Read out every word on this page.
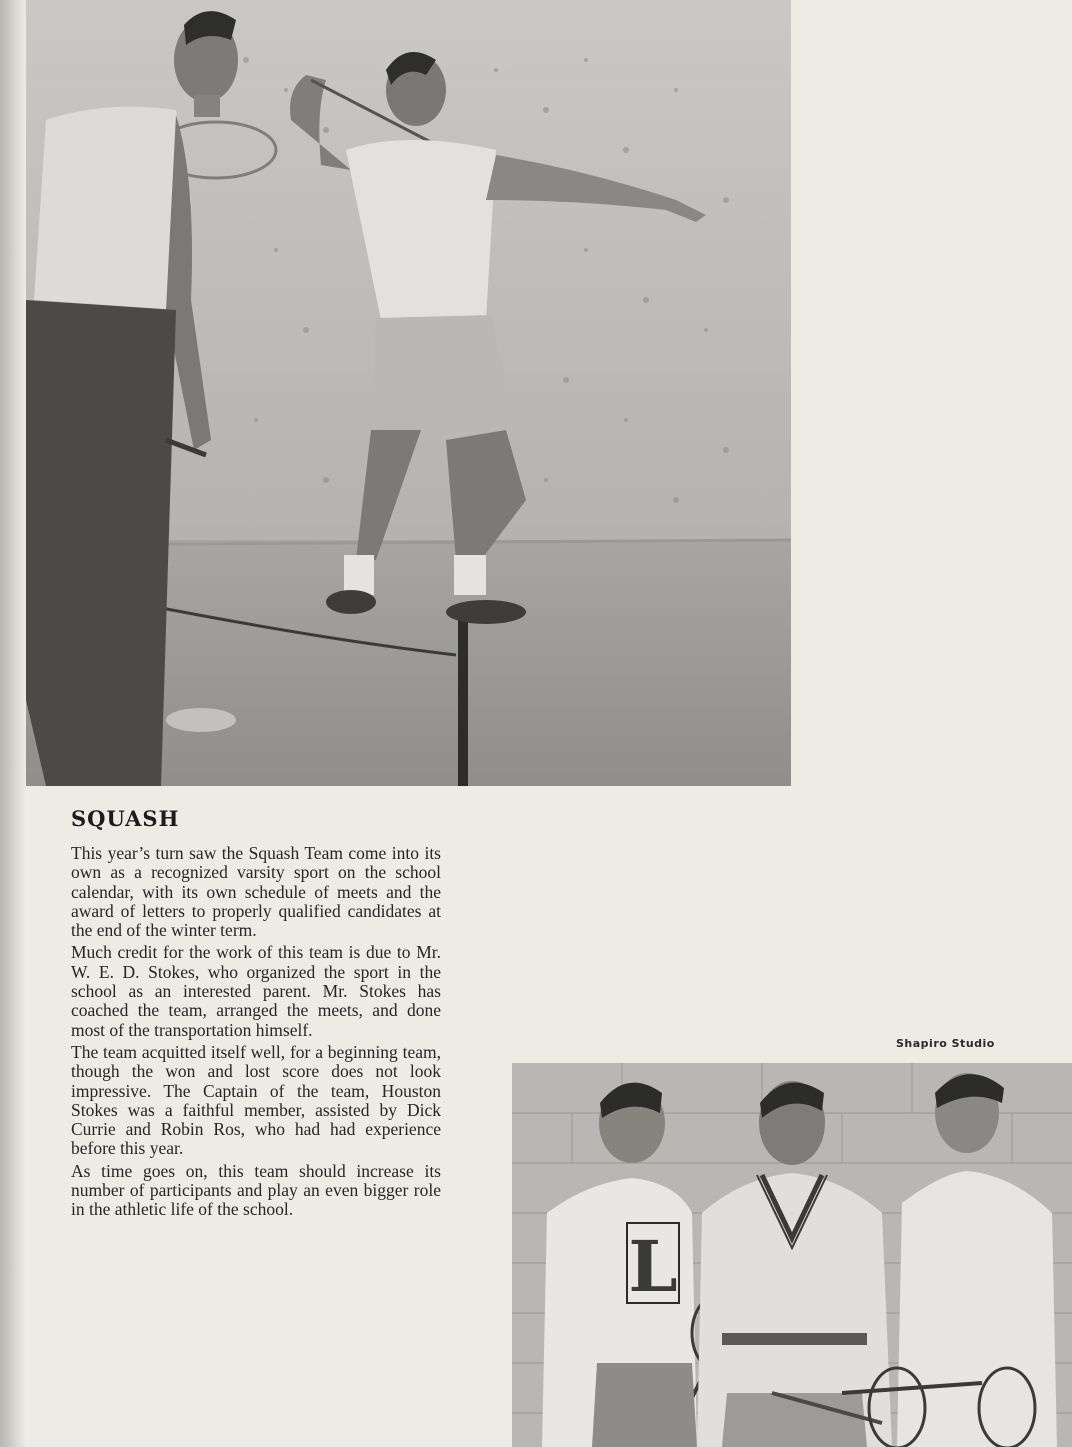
SQUASH

This year’s turn saw the Squash Team come into its own as a recognized varsity sport on the school calendar, with its own schedule of meets and the award of letters to properly qualified candidates at the end of the winter term.

Much credit for the work of this team is due to Mr. W. E. D. Stokes, who organized the sport in the school as an interested parent. Mr. Stokes has coached the team, arranged the meets, and done most of the transportation himself.

The team acquitted itself well, for a beginning team, though the won and lost score does not look impressive. The Captain of the team, Houston Stokes was a faithful member, assisted by Dick Currie and Robin Ros, who had had experience before this year.

As time goes on, this team should increase its number of participants and play an even bigger role in the athletic life of the school.

Shapiro Studio
L
